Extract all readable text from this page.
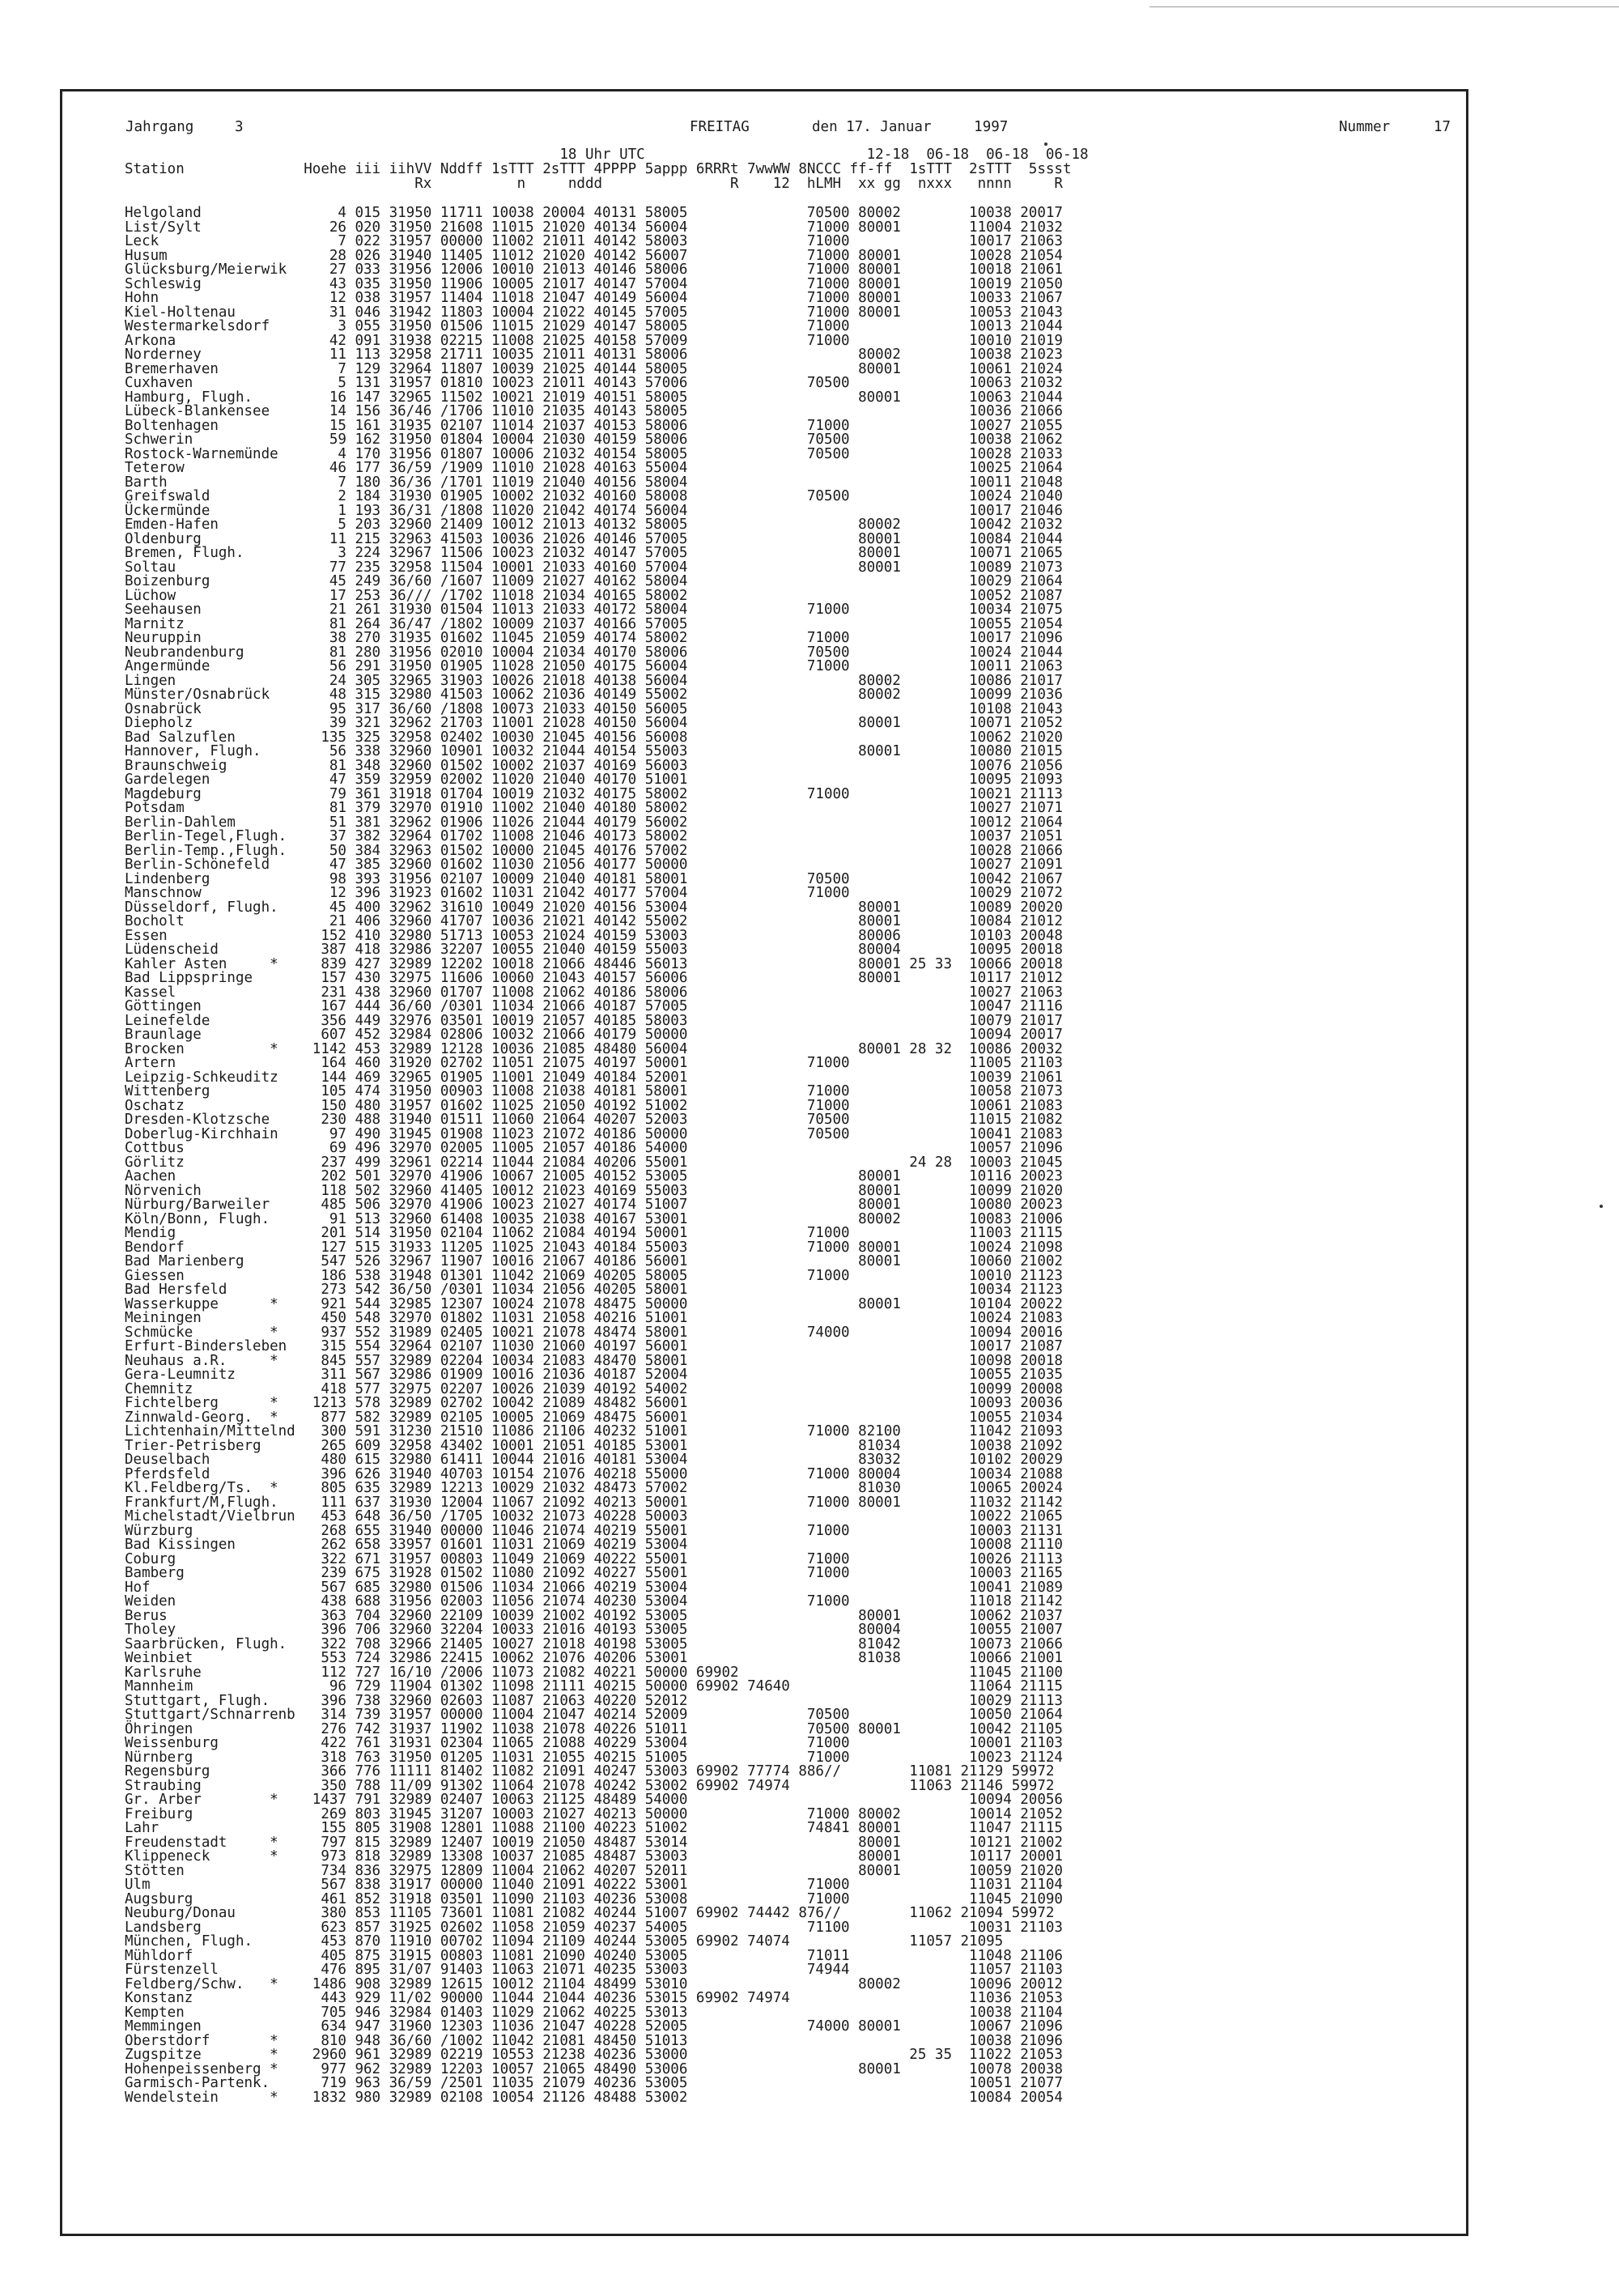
Jahrgang	3	FREITAG	den 17. Januar     1997	Nummer	17
18 Uhr UTC                          12-18  06-18  06-18  06-18
Station              Hoehe iii iihVV Nddff 1sTTT 2sTTT 4PPPP 5appp 6RRRt 7wwWW 8NCCC ff-ff  1sTTT  2sTTT  5ssst
Rx          n     nddd               R    12  hLMH  xx gg  nxxx   nnnn     R
Helgoland                4 015 31950 11711 10038 20004 40131 58005              70500 80002        10038 20017
List/Sylt               26 020 31950 21608 11015 21020 40134 56004              71000 80001        11004 21032
Leck                     7 022 31957 00000 11002 21011 40142 58003              71000              10017 21063
Husum                   28 026 31940 11405 11012 21020 40142 56007              71000 80001        10028 21054
Glücksburg/Meierwik     27 033 31956 12006 10010 21013 40146 58006              71000 80001        10018 21061
Schleswig               43 035 31950 11906 10005 21017 40147 57004              71000 80001        10019 21050
Hohn                    12 038 31957 11404 11018 21047 40149 56004              71000 80001        10033 21067
Kiel-Holtenau           31 046 31942 11803 10004 21022 40145 57005              71000 80001        10053 21043
Westermarkelsdorf        3 055 31950 01506 11015 21029 40147 58005              71000              10013 21044
Arkona                  42 091 31938 02215 11008 21025 40158 57009              71000              10010 21019
Norderney               11 113 32958 21711 10035 21011 40131 58006                    80002        10038 21023
Bremerhaven              7 129 32964 11807 10039 21025 40144 58005                    80001        10061 21024
Cuxhaven                 5 131 31957 01810 10023 21011 40143 57006              70500              10063 21032
Hamburg, Flugh.         16 147 32965 11502 10021 21019 40151 58005                    80001        10063 21044
Lübeck-Blankensee       14 156 36/46 /1706 11010 21035 40143 58005                                 10036 21066
Boltenhagen             15 161 31935 02107 11014 21037 40153 58006              71000              10027 21055
Schwerin                59 162 31950 01804 10004 21030 40159 58006              70500              10038 21062
Rostock-Warnemünde       4 170 31956 01807 10006 21032 40154 58005              70500              10028 21033
Teterow                 46 177 36/59 /1909 11010 21028 40163 55004                                 10025 21064
Barth                    7 180 36/36 /1701 11019 21040 40156 58004                                 10011 21048
Greifswald               2 184 31930 01905 10002 21032 40160 58008              70500              10024 21040
Ückermünde               1 193 36/31 /1808 11020 21042 40174 56004                                 10017 21046
Emden-Hafen              5 203 32960 21409 10012 21013 40132 58005                    80002        10042 21032
Oldenburg               11 215 32963 41503 10036 21026 40146 57005                    80001        10084 21044
Bremen, Flugh.           3 224 32967 11506 10023 21032 40147 57005                    80001        10071 21065
Soltau                  77 235 32958 11504 10001 21033 40160 57004                    80001        10089 21073
Boizenburg              45 249 36/60 /1607 11009 21027 40162 58004                                 10029 21064
Lüchow                  17 253 36/// /1702 11018 21034 40165 58002                                 10052 21087
Seehausen               21 261 31930 01504 11013 21033 40172 58004              71000              10034 21075
Marnitz                 81 264 36/47 /1802 10009 21037 40166 57005                                 10055 21054
Neuruppin               38 270 31935 01602 11045 21059 40174 58002              71000              10017 21096
Neubrandenburg          81 280 31956 02010 10004 21034 40170 58006              70500              10024 21044
Angermünde              56 291 31950 01905 11028 21050 40175 56004              71000              10011 21063
Lingen                  24 305 32965 31903 10026 21018 40138 56004                    80002        10086 21017
Münster/Osnabrück       48 315 32980 41503 10062 21036 40149 55002                    80002        10099 21036
Osnabrück               95 317 36/60 /1808 10073 21033 40150 56005                                 10108 21043
Diepholz                39 321 32962 21703 11001 21028 40150 56004                    80001        10071 21052
Bad Salzuflen          135 325 32958 02402 10030 21045 40156 56008                                 10062 21020
Hannover, Flugh.        56 338 32960 10901 10032 21044 40154 55003                    80001        10080 21015
Braunschweig            81 348 32960 01502 10002 21037 40169 56003                                 10076 21056
Gardelegen              47 359 32959 02002 11020 21040 40170 51001                                 10095 21093
Magdeburg               79 361 31918 01704 10019 21032 40175 58002              71000              10021 21113
Potsdam                 81 379 32970 01910 11002 21040 40180 58002                                 10027 21071
Berlin-Dahlem           51 381 32962 01906 11026 21044 40179 56002                                 10012 21064
Berlin-Tegel,Flugh.     37 382 32964 01702 11008 21046 40173 58002                                 10037 21051
Berlin-Temp.,Flugh.     50 384 32963 01502 10000 21045 40176 57002                                 10028 21066
Berlin-Schönefeld       47 385 32960 01602 11030 21056 40177 50000                                 10027 21091
Lindenberg              98 393 31956 02107 10009 21040 40181 58001              70500              10042 21067
Manschnow               12 396 31923 01602 11031 21042 40177 57004              71000              10029 21072
Düsseldorf, Flugh.      45 400 32962 31610 10049 21020 40156 53004                    80001        10089 20020
Bocholt                 21 406 32960 41707 10036 21021 40142 55002                    80001        10084 21012
Essen                  152 410 32980 51713 10053 21024 40159 53003                    80006        10103 20048
Lüdenscheid            387 418 32986 32207 10055 21040 40159 55003                    80004        10095 20018
Kahler Asten     *     839 427 32989 12202 10018 21066 48446 56013                    80001 25 33  10066 20018
Bad Lippspringe        157 430 32975 11606 10060 21043 40157 56006                    80001        10117 21012
Kassel                 231 438 32960 01707 11008 21062 40186 58006                                 10027 21063
Göttingen              167 444 36/60 /0301 11034 21066 40187 57005                                 10047 21116
Leinefelde             356 449 32976 03501 10019 21057 40185 58003                                 10079 21017
Braunlage              607 452 32984 02806 10032 21066 40179 50000                                 10094 20017
Brocken          *    1142 453 32989 12128 10036 21085 48480 56004                    80001 28 32  10086 20032
Artern                 164 460 31920 02702 11051 21075 40197 50001              71000              11005 21103
Leipzig-Schkeuditz     144 469 32965 01905 11001 21049 40184 52001                                 10039 21061
Wittenberg             105 474 31950 00903 11008 21038 40181 58001              71000              10058 21073
Oschatz                150 480 31957 01602 11025 21050 40192 51002              71000              10061 21083
Dresden-Klotzsche      230 488 31940 01511 11060 21064 40207 52003              70500              11015 21082
Doberlug-Kirchhain      97 490 31945 01908 11023 21072 40186 50000              70500              10041 21083
Cottbus                 69 496 32970 02005 11005 21057 40186 54000                                 10057 21096
Görlitz                237 499 32961 02214 11044 21084 40206 55001                          24 28  10003 21045
Aachen                 202 501 32970 41906 10067 21005 40152 53005                    80001        10116 20023
Nörvenich              118 502 32960 41405 10012 21023 40169 55003                    80001        10099 21020
Nürburg/Barweiler      485 506 32970 41906 10023 21027 40174 51007                    80001        10080 20023
Köln/Bonn, Flugh.       91 513 32960 61408 10035 21038 40167 53001                    80002        10083 21006
Mendig                 201 514 31950 02104 11062 21084 40194 50001              71000              11003 21115
Bendorf                127 515 31933 11205 11025 21043 40184 55003              71000 80001        10024 21098
Bad Marienberg         547 526 32967 11907 10016 21067 40186 56001                    80001        10060 21002
Giessen                186 538 31948 01301 11042 21069 40205 58005              71000              10010 21123
Bad Hersfeld           273 542 36/50 /0301 11034 21056 40205 58001                                 10034 21123
Wasserkuppe      *     921 544 32985 12307 10024 21078 48475 50000                    80001        10104 20022
Meiningen              450 548 32970 01802 11031 21058 40216 51001                                 10024 21083
Schmücke         *     937 552 31989 02405 10021 21078 48474 58001              74000              10094 20016
Erfurt-Bindersleben    315 554 32964 02107 11030 21060 40197 56001                                 10017 21087
Neuhaus a.R.     *     845 557 32989 02204 10034 21083 48470 58001                                 10098 20018
Gera-Leumnitz          311 567 32986 01909 10016 21036 40187 52004                                 10055 21035
Chemnitz               418 577 32975 02207 10026 21039 40192 54002                                 10099 20008
Fichtelberg      *    1213 578 32989 02702 10042 21089 48482 56001                                 10093 20036
Zinnwald-Georg.  *     877 582 32989 02105 10005 21069 48475 56001                                 10055 21034
Lichtenhain/Mittelnd   300 591 31230 21510 11086 21106 40232 51001              71000 82100        11042 21093
Trier-Petrisberg       265 609 32958 43402 10001 21051 40185 53001                    81034        10038 21092
Deuselbach             480 615 32980 61411 10044 21016 40181 53004                    83032        10102 20029
Pferdsfeld             396 626 31940 40703 10154 21076 40218 55000              71000 80004        10034 21088
Kl.Feldberg/Ts.  *     805 635 32989 12213 10029 21032 48473 57002                    81030        10065 20024
Frankfurt/M,Flugh.     111 637 31930 12004 11067 21092 40213 50001              71000 80001        11032 21142
Michelstadt/Vielbrun   453 648 36/50 /1705 10032 21073 40228 50003                                 10022 21065
Würzburg               268 655 31940 00000 11046 21074 40219 55001              71000              10003 21131
Bad Kissingen          262 658 33957 01601 11031 21069 40219 53004                                 10008 21110
Coburg                 322 671 31957 00803 11049 21069 40222 55001              71000              10026 21113
Bamberg                239 675 31928 01502 11080 21092 40227 55001              71000              10003 21165
Hof                    567 685 32980 01506 11034 21066 40219 53004                                 10041 21089
Weiden                 438 688 31956 02003 11056 21074 40230 53004              71000              11018 21142
Berus                  363 704 32960 22109 10039 21002 40192 53005                    80001        10062 21037
Tholey                 396 706 32960 32204 10033 21016 40193 53005                    80004        10055 21007
Saarbrücken, Flugh.    322 708 32966 21405 10027 21018 40198 53005                    81042        10073 21066
Weinbiet               553 724 32986 22415 10062 21076 40206 53001                    81038        10066 21001
Karlsruhe              112 727 16/10 /2006 11073 21082 40221 50000 69902                           11045 21100
Mannheim                96 729 11904 01302 11098 21111 40215 50000 69902 74640                     11064 21115
Stuttgart, Flugh.      396 738 32960 02603 11087 21063 40220 52012                                 10029 21113
Stuttgart/Schnarrenb   314 739 31957 00000 11004 21047 40214 52009              70500              10050 21064
Öhringen               276 742 31937 11902 11038 21078 40226 51011              70500 80001        10042 21105
Weissenburg            422 761 31931 02304 11065 21088 40229 53004              71000              10001 21103
Nürnberg               318 763 31950 01205 11031 21055 40215 51005              71000              10023 21124
Regensburg             366 776 11111 81402 11082 21091 40247 53003 69902 77774 886//        11081 21129 59972
Straubing              350 788 11/09 91302 11064 21078 40242 53002 69902 74974              11063 21146 59972
Gr. Arber        *    1437 791 32989 02407 10063 21125 48489 54000                                 10094 20056
Freiburg               269 803 31945 31207 10003 21027 40213 50000              71000 80002        10014 21052
Lahr                   155 805 31908 12801 11088 21100 40223 51002              74841 80001        11047 21115
Freudenstadt     *     797 815 32989 12407 10019 21050 48487 53014                    80001        10121 21002
Klippeneck       *     973 818 32989 13308 10037 21085 48487 53003                    80001        10117 20001
Stötten                734 836 32975 12809 11004 21062 40207 52011                    80001        10059 21020
Ulm                    567 838 31917 00000 11040 21091 40222 53001              71000              11031 21104
Augsburg               461 852 31918 03501 11090 21103 40236 53008              71000              11045 21090
Neuburg/Donau          380 853 11105 73601 11081 21082 40244 51007 69902 74442 876//        11062 21094 59972
Landsberg              623 857 31925 02602 11058 21059 40237 54005              71100              10031 21103
München, Flugh.        453 870 11910 00702 11094 21109 40244 53005 69902 74074              11057 21095
Mühldorf               405 875 31915 00803 11081 21090 40240 53005              71011              11048 21106
Fürstenzell            476 895 31/07 91403 11063 21071 40235 53003              74944              11057 21103
Feldberg/Schw.   *    1486 908 32989 12615 10012 21104 48499 53010                    80002        10096 20012
Konstanz               443 929 11/02 90000 11044 21044 40236 53015 69902 74974                     11036 21053
Kempten                705 946 32984 01403 11029 21062 40225 53013                                 10038 21104
Memmingen              634 947 31960 12303 11036 21047 40228 52005              74000 80001        10067 21096
Oberstdorf       *     810 948 36/60 /1002 11042 21081 48450 51013                                 10038 21096
Zugspitze        *    2960 961 32989 02219 10553 21238 40236 53000                          25 35  11022 21053
Hohenpeissenberg *     977 962 32989 12203 10057 21065 48490 53006                    80001        10078 20038
Garmisch-Partenk.      719 963 36/59 /2501 11035 21079 40236 53005                                 10051 21077
Wendelstein      *    1832 980 32989 02108 10054 21126 48488 53002                                 10084 20054
